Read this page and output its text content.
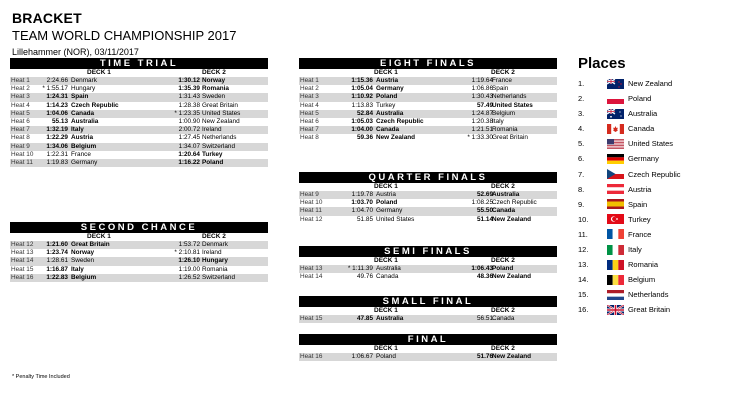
BRACKET
TEAM WORLD CHAMPIONSHIP 2017
Lillehammer (NOR), 03/11/2017
TIME TRIAL
DECK 1	DECK 2
Heat 1	2:24.66 Denmark	1:30.12 Norway
Heat 2 * 1:55.17 Hungary	1:35.39 Romania
Heat 3	1:24.31 Spain	1:31.43 Sweden
Heat 4	1:14.23 Czech Republic	1:28.38 Great Britain
Heat 5	1:04.06 Canada	* 1:23.35 United States
Heat 6	55.13 Australia	1:00.90 New Zealand
Heat 7	1:32.19 Italy	2:00.72 Ireland
Heat 8	1:22.29 Austria	1:27.45 Netherlands
Heat 9	1:34.06 Belgium	1:34.07 Switzerland
Heat 10 1:22.31 France	1:20.64 Turkey
Heat 11 1:19.83 Germany	1:16.22 Poland
SECOND CHANCE
DECK 1	DECK 2
Heat 12 1:21.60 Great Britain	1:53.72 Denmark
Heat 13 1:23.74 Norway	* 2:10.81 Ireland
Heat 14 1:28.61 Sweden	1:26.10 Hungary
Heat 15 1:16.87 Italy	1:19.00 Romania
Heat 16 1:22.83 Belgium	1:26.52 Switzerland
EIGHT FINALS
DECK 1	DECK 2
Heat 1	1:15.36 Austria	1:19.64 France
Heat 2	1:05.04 Germany	1:06.86 Spain
Heat 3	1:10.92 Poland	1:30.43 Netherlands
Heat 4	1:13.83 Turkey	57.49 United States
Heat 5	52.84 Australia	1:24.87 Belgium
Heat 6	1:05.03 Czech Republic	1:20.38 Italy
Heat 7	1:04.00 Canada	1:21.51 Romania
Heat 8	59.36 New Zealand	* 1:33.30 Great Britain
QUARTER FINALS
DECK 1	DECK 2
Heat 9	1:19.78 Austria	52.69 Australia
Heat 10	1:03.70 Poland	1:08.25 Czech Republic
Heat 11	1:04.70 Germany	55.50 Canada
Heat 12	51.85 United States	51.14 New Zealand
SEMI FINALS
DECK 1	DECK 2
Heat 13	* 1:11.39 Australia	1:06.43 Poland
Heat 14	49.76 Canada	48.36 New Zealand
SMALL FINAL
DECK 1	DECK 2
Heat 15	47.85 Australia	56.51 Canada
FINAL
DECK 1	DECK 2
Heat 16	1:06.67 Poland	51.76 New Zealand
Places
1.	New Zealand
2.	Poland
3.	Australia
4.	Canada
5.	United States
6.	Germany
7.	Czech Republic
8.	Austria
9.	Spain
10.	Turkey
11.	France
12.	Italy
13.	Romania
14.	Belgium
15.	Netherlands
16.	Great Britain
* Penalty Time Included
